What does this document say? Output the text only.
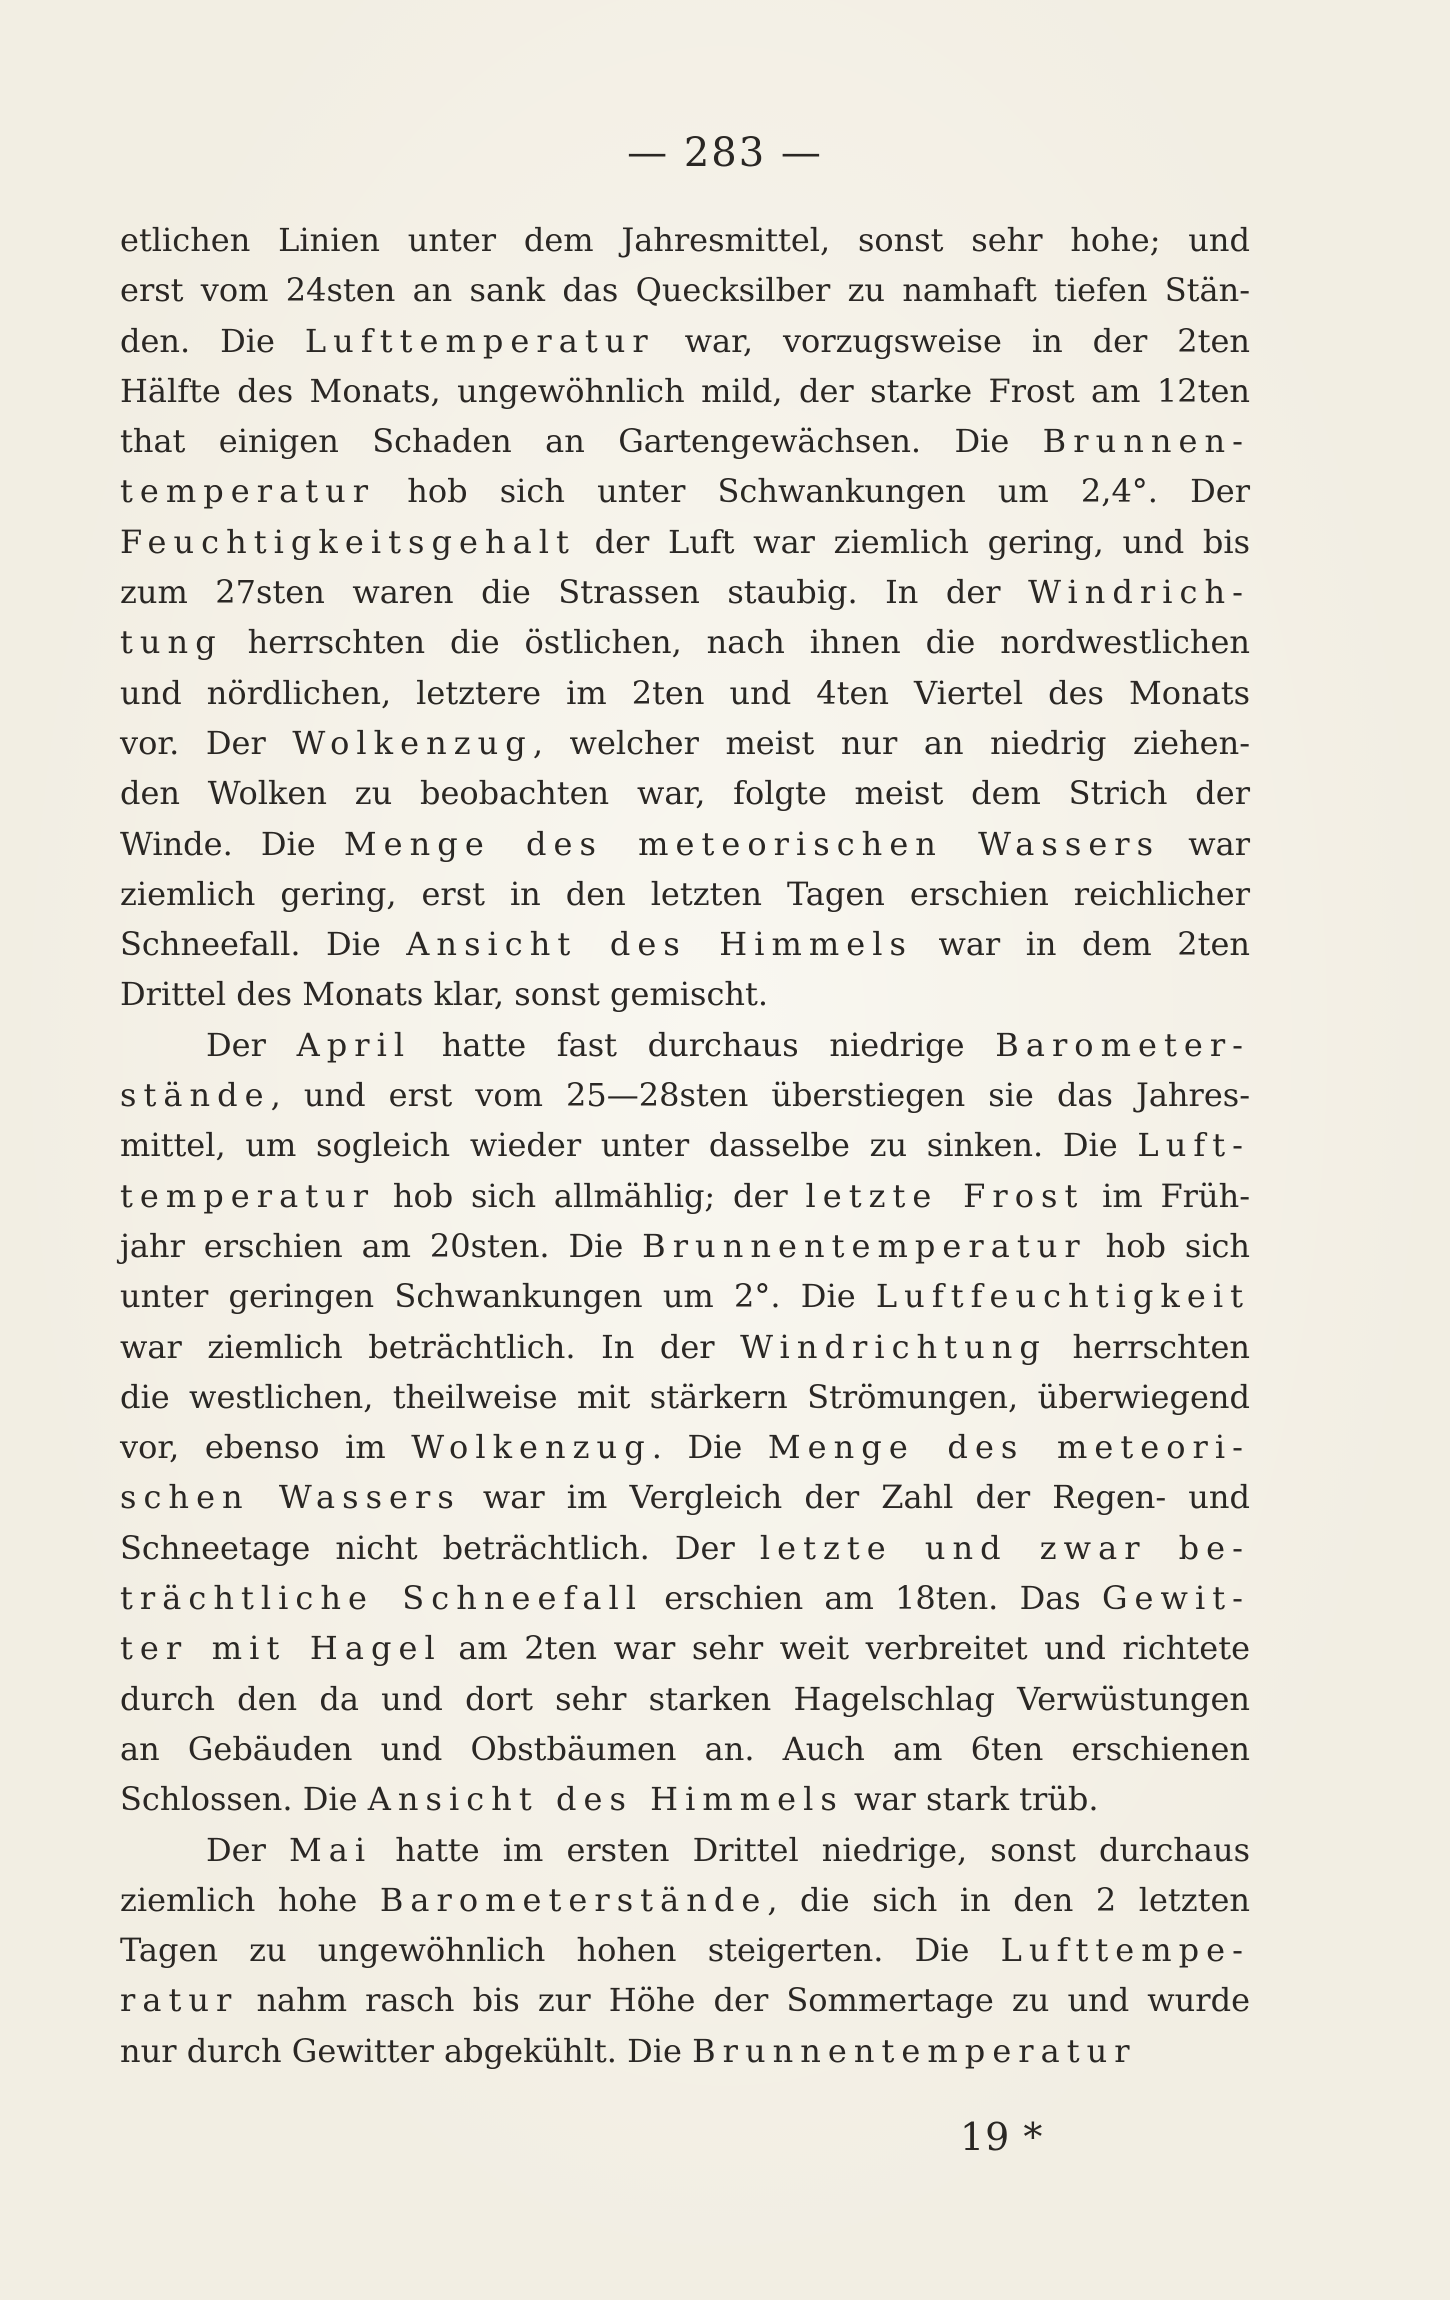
— 283 —
etlichen Linien unter dem Jahresmittel, sonst sehr hohe; und
erst vom 24sten an sank das Quecksilber zu namhaft tiefen Stän-
den. Die Lufttemperatur war, vorzugsweise in der 2ten
Hälfte des Monats, ungewöhnlich mild, der starke Frost am 12ten
that einigen Schaden an Gartengewächsen. Die Brunnen-
temperatur hob sich unter Schwankungen um 2,4°. Der
Feuchtigkeitsgehalt der Luft war ziemlich gering, und bis
zum 27sten waren die Strassen staubig. In der Windrich-
tung herrschten die östlichen, nach ihnen die nordwestlichen
und nördlichen, letztere im 2ten und 4ten Viertel des Monats
vor. Der Wolkenzug, welcher meist nur an niedrig ziehen-
den Wolken zu beobachten war, folgte meist dem Strich der
Winde. Die Menge des meteorischen Wassers war
ziemlich gering, erst in den letzten Tagen erschien reichlicher
Schneefall. Die Ansicht des Himmels war in dem 2ten
Drittel des Monats klar, sonst gemischt.
Der April hatte fast durchaus niedrige Barometer-
stände, und erst vom 25—28sten überstiegen sie das Jahres-
mittel, um sogleich wieder unter dasselbe zu sinken. Die Luft-
temperatur hob sich allmählig; der letzte Frost im Früh-
jahr erschien am 20sten. Die Brunnentemperatur hob sich
unter geringen Schwankungen um 2°. Die Luftfeuchtigkeit
war ziemlich beträchtlich. In der Windrichtung herrschten
die westlichen, theilweise mit stärkern Strömungen, überwiegend
vor, ebenso im Wolkenzug. Die Menge des meteori-
schen Wassers war im Vergleich der Zahl der Regen- und
Schneetage nicht beträchtlich. Der letzte und zwar be-
trächtliche Schneefall erschien am 18ten. Das Gewit-
ter mit Hagel am 2ten war sehr weit verbreitet und richtete
durch den da und dort sehr starken Hagelschlag Verwüstungen
an Gebäuden und Obstbäumen an. Auch am 6ten erschienen
Schlossen. Die Ansicht des Himmels war stark trüb.
Der Mai hatte im ersten Drittel niedrige, sonst durchaus
ziemlich hohe Barometerstände, die sich in den 2 letzten
Tagen zu ungewöhnlich hohen steigerten. Die Lufttempe-
ratur nahm rasch bis zur Höhe der Sommertage zu und wurde
nur durch Gewitter abgekühlt. Die Brunnentemperatur
19 *
